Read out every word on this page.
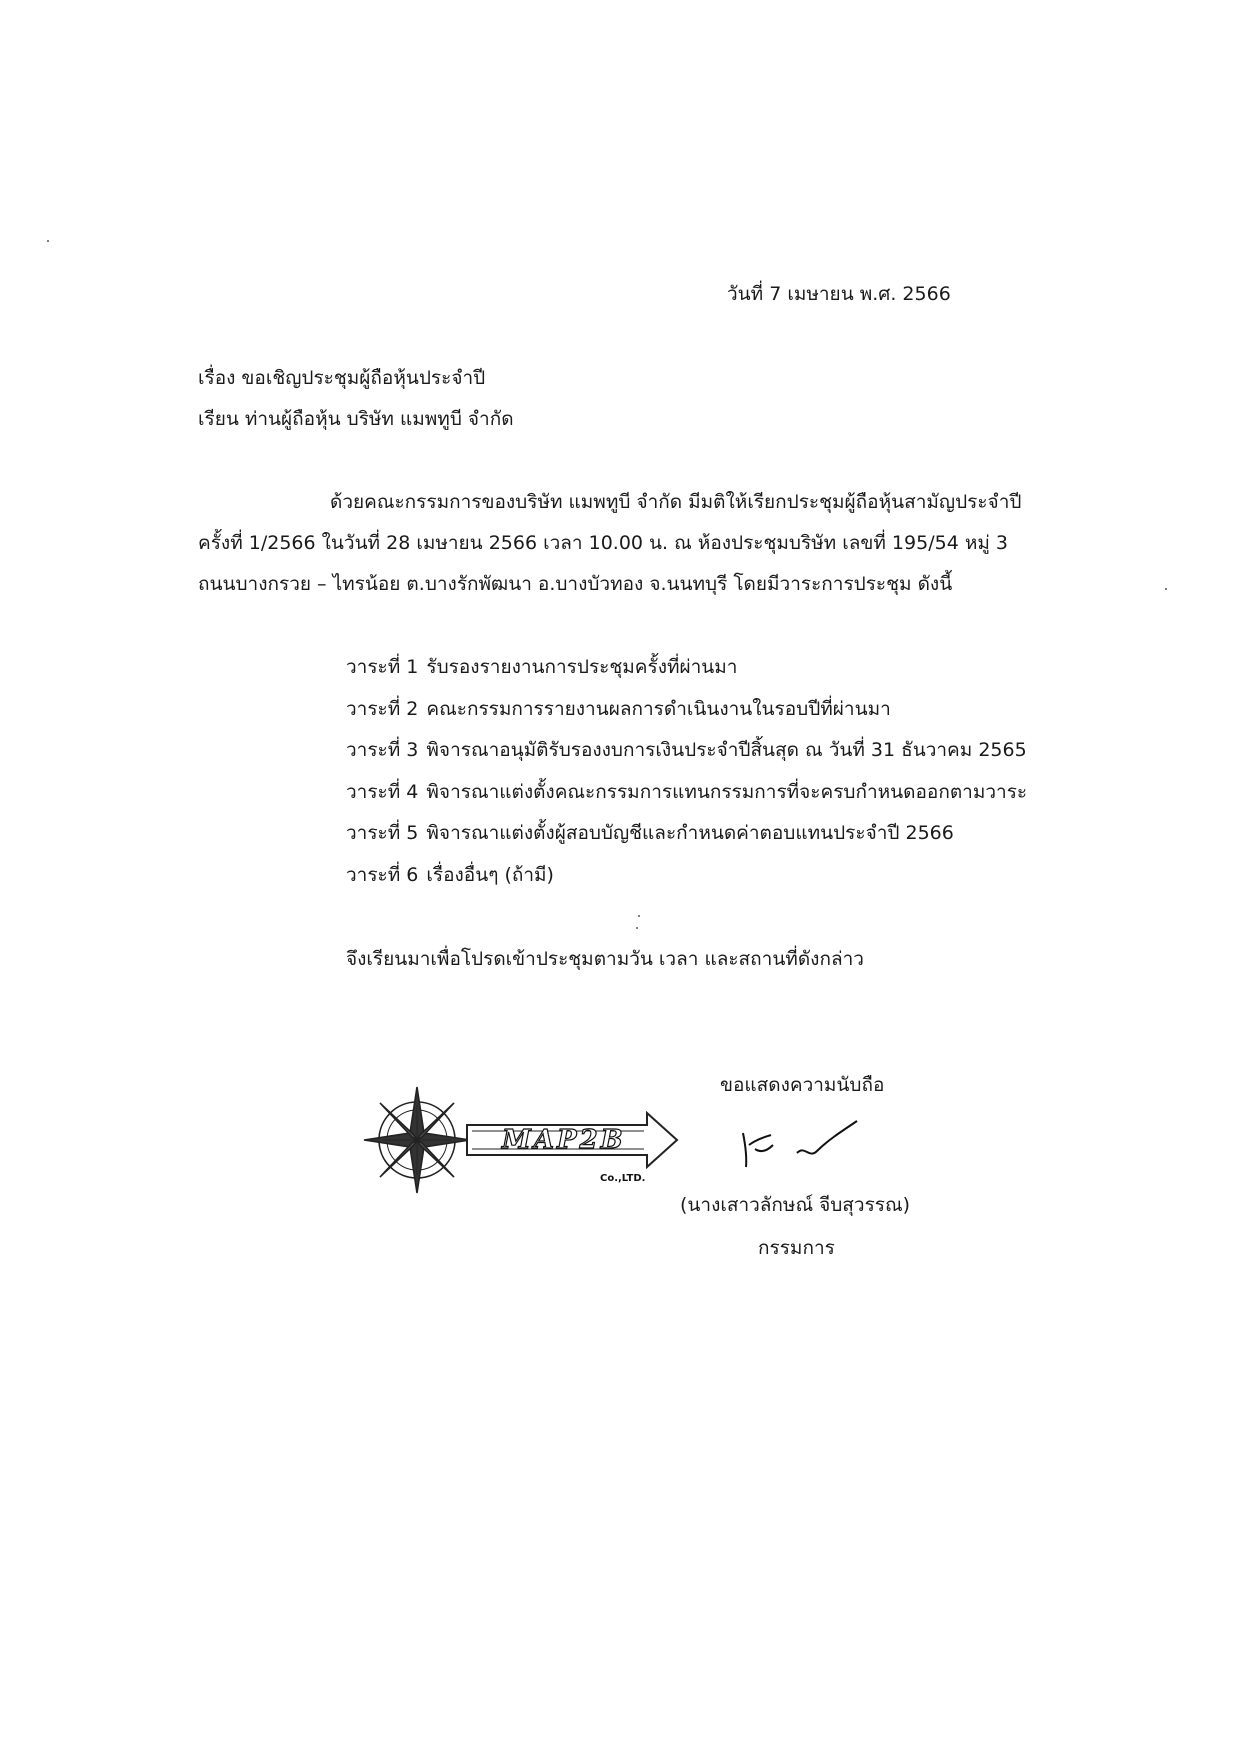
วันที่ 7 เมษายน พ.ศ. 2566
เรื่อง ขอเชิญประชุมผู้ถือหุ้นประจำปี
เรียน ท่านผู้ถือหุ้น บริษัท แมพทูบี จำกัด
ด้วยคณะกรรมการของบริษัท แมพทูบี จำกัด มีมติให้เรียกประชุมผู้ถือหุ้นสามัญประจำปี
ครั้งที่ 1/2566 ในวันที่ 28 เมษายน 2566 เวลา 10.00 น. ณ ห้องประชุมบริษัท เลขที่ 195/54 หมู่ 3
ถนนบางกรวย – ไทรน้อย ต.บางรักพัฒนา อ.บางบัวทอง จ.นนทบุรี โดยมีวาระการประชุม ดังนี้
วาระที่ 1 รับรองรายงานการประชุมครั้งที่ผ่านมา
วาระที่ 2 คณะกรรมการรายงานผลการดำเนินงานในรอบปีที่ผ่านมา
วาระที่ 3 พิจารณาอนุมัติรับรองงบการเงินประจำปีสิ้นสุด ณ วันที่ 31 ธันวาคม 2565
วาระที่ 4 พิจารณาแต่งตั้งคณะกรรมการแทนกรรมการที่จะครบกำหนดออกตามวาระ
วาระที่ 5 พิจารณาแต่งตั้งผู้สอบบัญชีและกำหนดค่าตอบแทนประจำปี 2566
วาระที่ 6 เรื่องอื่นๆ (ถ้ามี)
จึงเรียนมาเพื่อโปรดเข้าประชุมตามวัน เวลา และสถานที่ดังกล่าว
ขอแสดงความนับถือ
MAP2B
Co.,LTD.
(นางเสาวลักษณ์ จีบสุวรรณ)
กรรมการ
